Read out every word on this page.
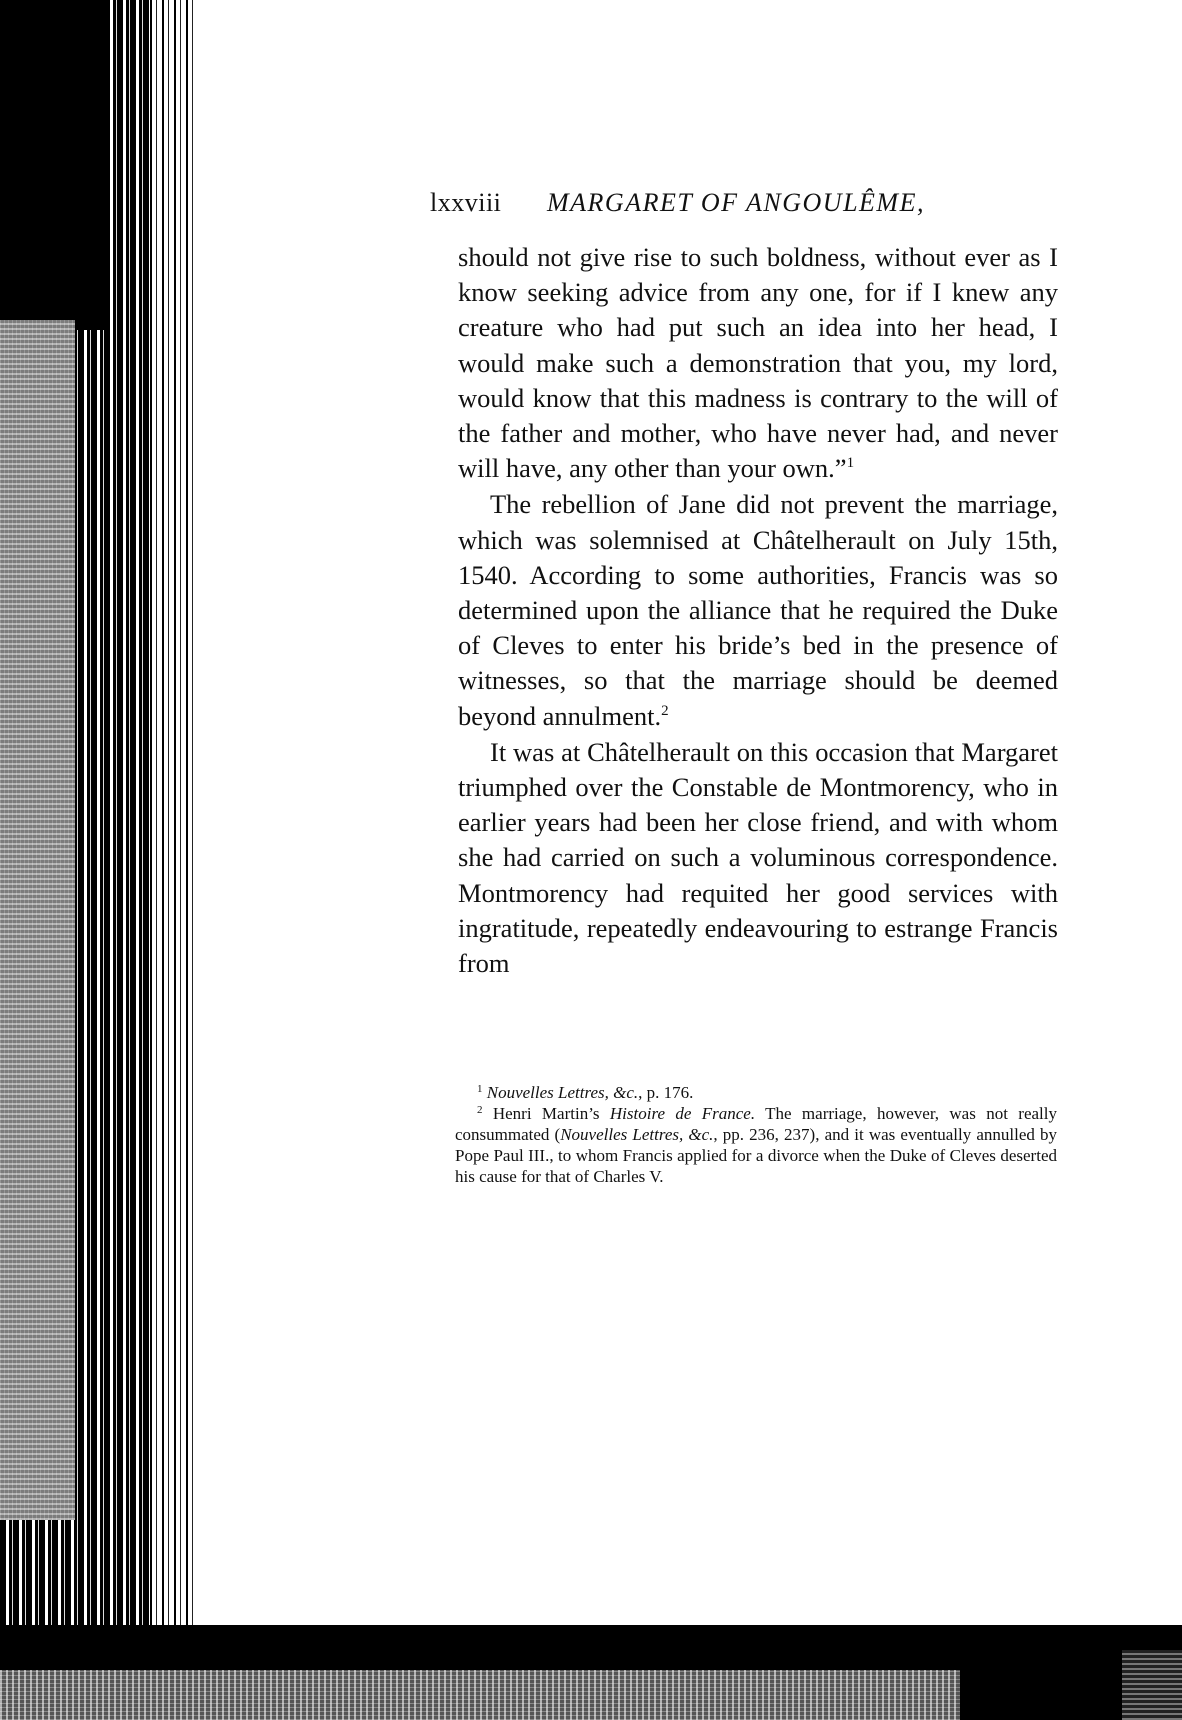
lxxviii MARGARET OF ANGOULÊME,

should not give rise to such boldness, without ever as I know seeking advice from any one, for if I knew any creature who had put such an idea into her head, I would make such a demonstration that you, my lord, would know that this madness is contrary to the will of the father and mother, who have never had, and never will have, any other than your own.”$^1$

The rebellion of Jane did not prevent the marriage, which was solemnised at Châtelherault on July 15th, 1540. According to some authorities, Francis was so determined upon the alliance that he required the Duke of Cleves to enter his bride’s bed in the presence of witnesses, so that the marriage should be deemed beyond annulment.$^2$

It was at Châtelherault on this occasion that Margaret triumphed over the Constable de Montmorency, who in earlier years had been her close friend, and with whom she had carried on such a voluminous correspondence. Montmorency had requited her good services with ingratitude, repeatedly endeavouring to estrange Francis from

$^1$ Nouvelles Lettres, &c., p. 176.

$^2$ Henri Martin’s Histoire de France. The marriage, however, was not really consummated (Nouvelles Lettres, &c., pp. 236, 237), and it was eventually annulled by Pope Paul III., to whom Francis applied for a divorce when the Duke of Cleves deserted his cause for that of Charles V.
